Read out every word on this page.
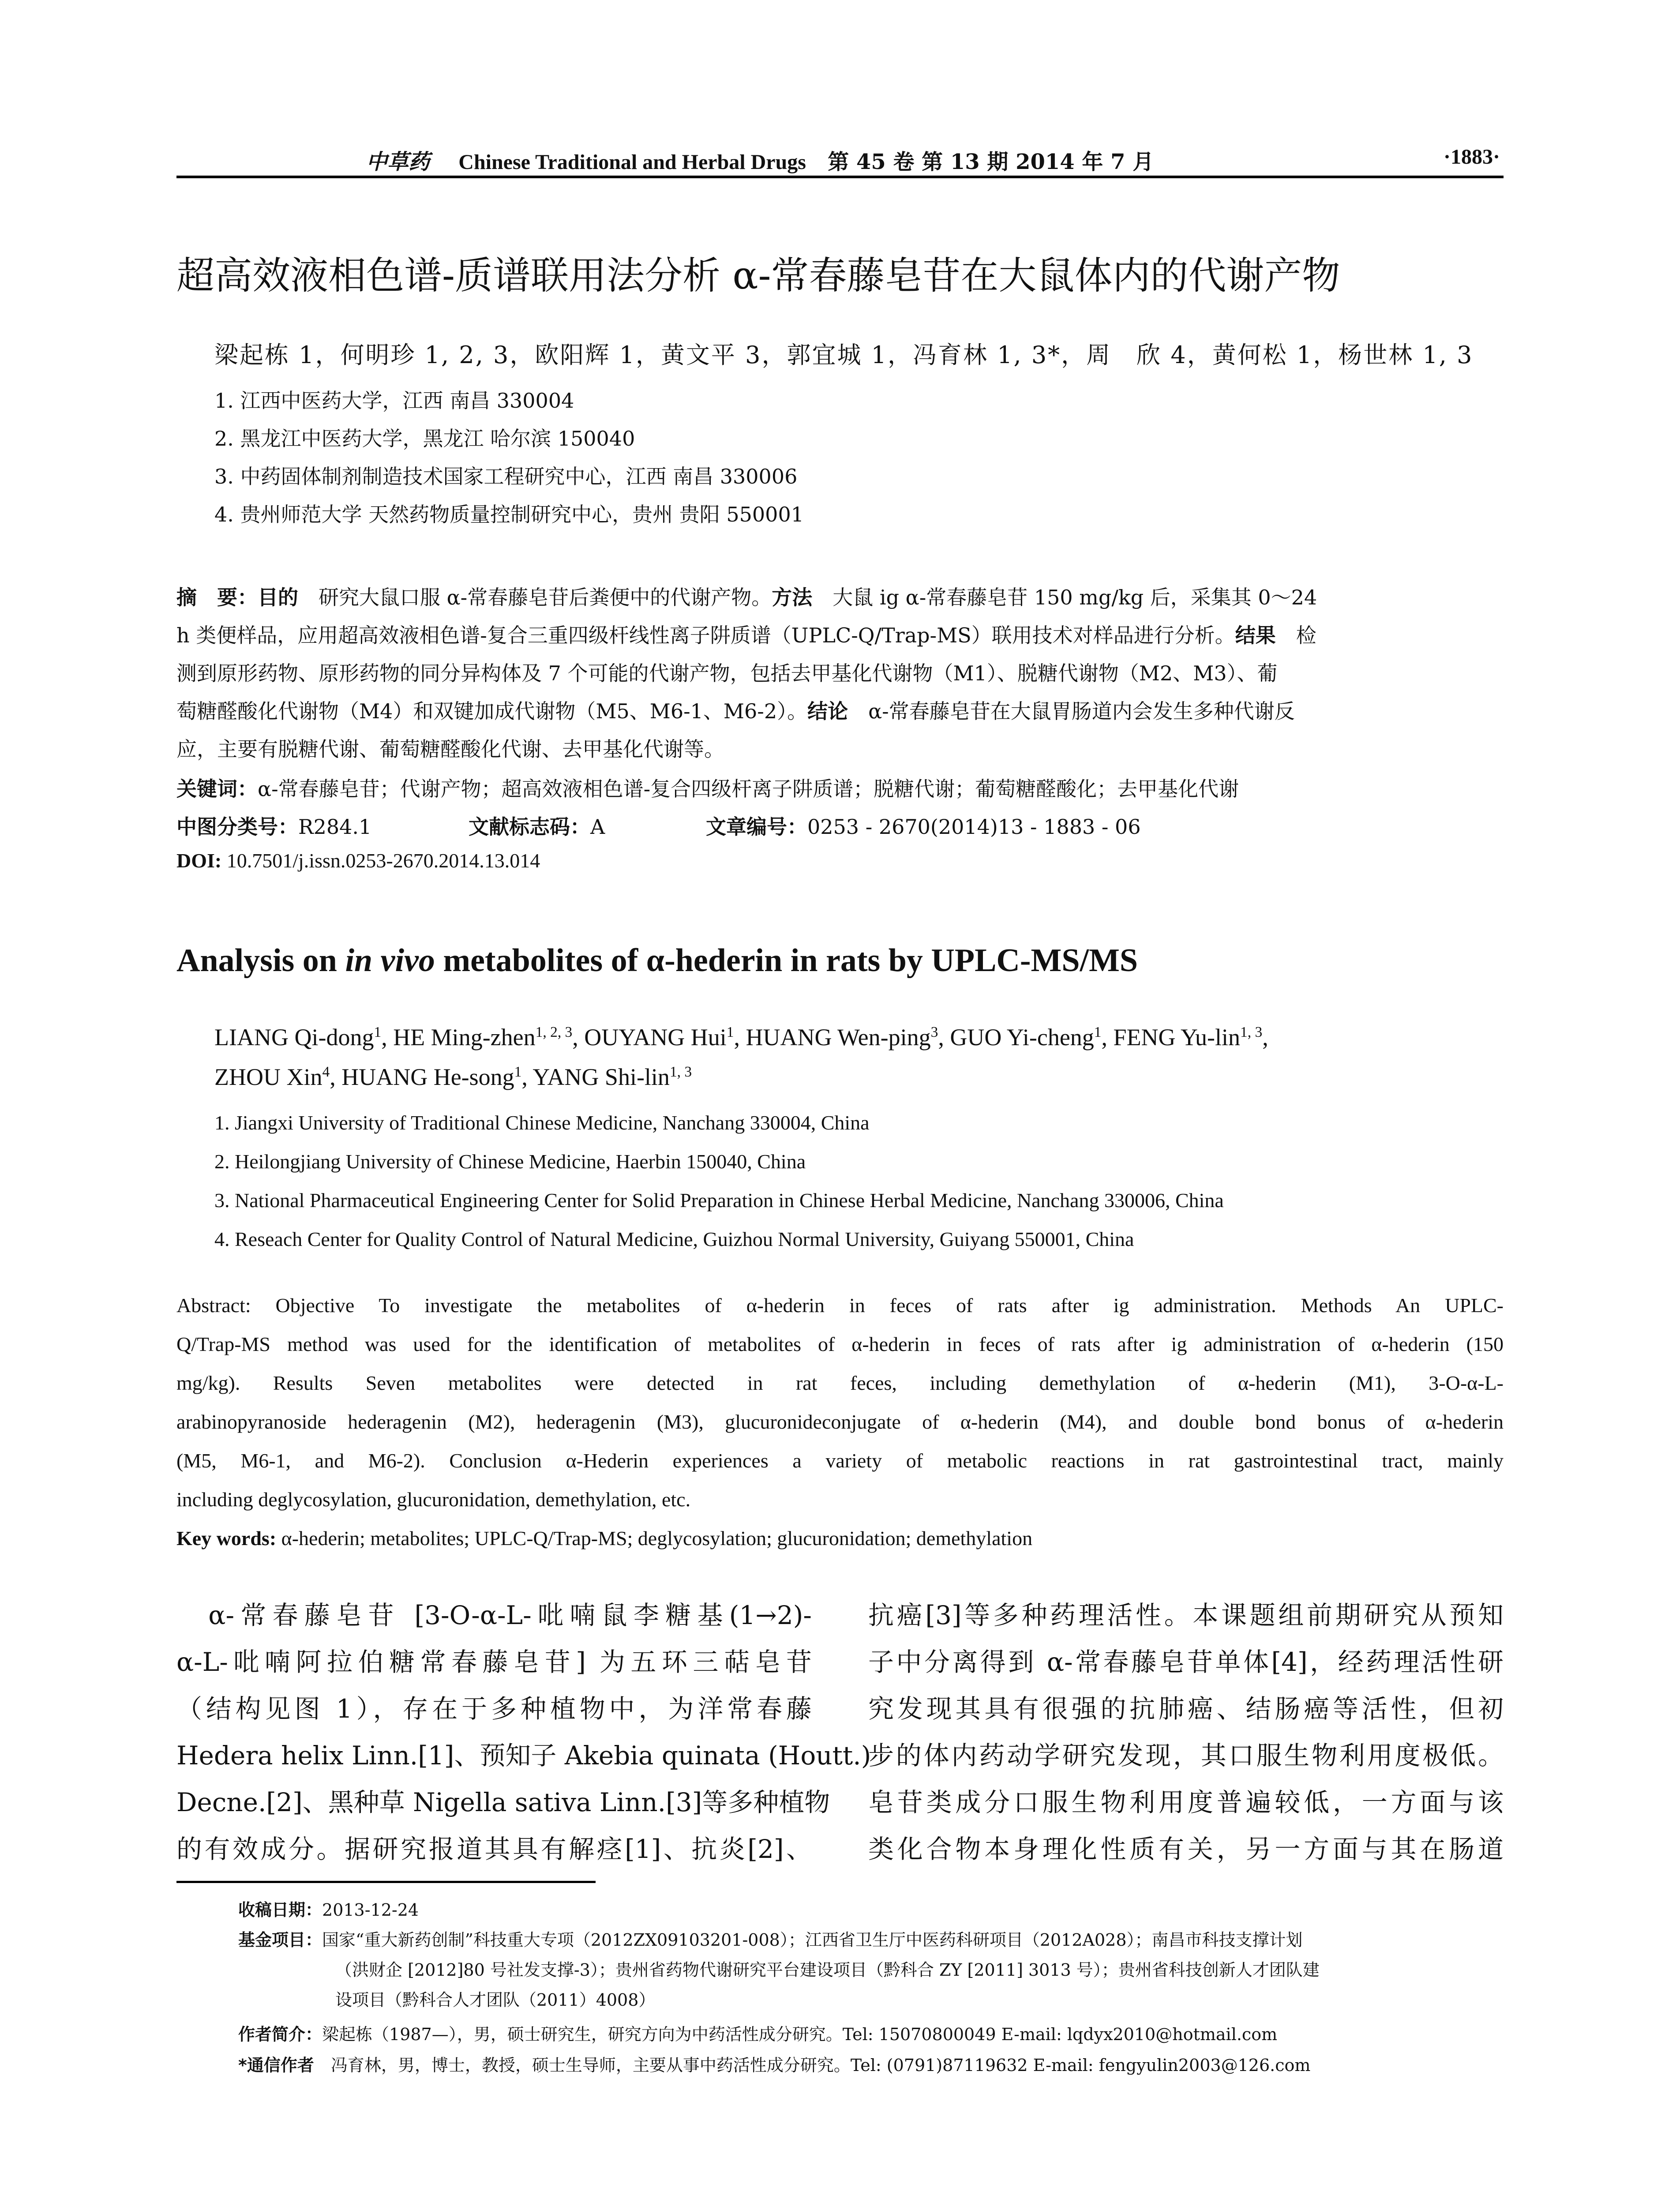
中草药 Chinese Traditional and Herbal Drugs 第 45 卷 第 13 期 2014 年 7 月	·1883·
超高效液相色谱-质谱联用法分析 α-常春藤皂苷在大鼠体内的代谢产物
梁起栋 1，何明珍 1, 2, 3，欧阳辉 1，黄文平 3，郭宜城 1，冯育林 1, 3*，周　欣 4，黄何松 1，杨世林 1, 3
1. 江西中医药大学，江西 南昌 330004
2. 黑龙江中医药大学，黑龙江 哈尔滨 150040
3. 中药固体制剂制造技术国家工程研究中心，江西 南昌 330006
4. 贵州师范大学 天然药物质量控制研究中心，贵州 贵阳 550001
摘　要：目的　研究大鼠口服 α-常春藤皂苷后粪便中的代谢产物。方法　大鼠 ig α-常春藤皂苷 150 mg/kg 后，采集其 0～24
h 类便样品，应用超高效液相色谱-复合三重四级杆线性离子阱质谱（UPLC-Q/Trap-MS）联用技术对样品进行分析。结果　检
测到原形药物、原形药物的同分异构体及 7 个可能的代谢产物，包括去甲基化代谢物（M1）、脱糖代谢物（M2、M3）、葡
萄糖醛酸化代谢物（M4）和双键加成代谢物（M5、M6-1、M6-2）。结论　α-常春藤皂苷在大鼠胃肠道内会发生多种代谢反
应，主要有脱糖代谢、葡萄糖醛酸化代谢、去甲基化代谢等。
关键词：α-常春藤皂苷；代谢产物；超高效液相色谱-复合四级杆离子阱质谱；脱糖代谢；葡萄糖醛酸化；去甲基化代谢
中图分类号：R284.1	文献标志码：A	文章编号：0253 - 2670(2014)13 - 1883 - 06
DOI: 10.7501/j.issn.0253-2670.2014.13.014
Analysis on in vivo metabolites of α-hederin in rats by UPLC-MS/MS
LIANG Qi-dong$^1$, HE Ming-zhen$^{1, 2, 3}$, OUYANG Hui$^1$, HUANG Wen-ping$^3$, GUO Yi-cheng$^1$, FENG Yu-lin$^{1, 3}$,
ZHOU Xin$^4$, HUANG He-song$^1$, YANG Shi-lin$^{1, 3}$
1. Jiangxi University of Traditional Chinese Medicine, Nanchang 330004, China
2. Heilongjiang University of Chinese Medicine, Haerbin 150040, China
3. National Pharmaceutical Engineering Center for Solid Preparation in Chinese Herbal Medicine, Nanchang 330006, China
4. Reseach Center for Quality Control of Natural Medicine, Guizhou Normal University, Guiyang 550001, China
Abstract: Objective To investigate the metabolites of α-hederin in feces of rats after ig administration. Methods An UPLC-
Q/Trap-MS method was used for the identification of metabolites of α-hederin in feces of rats after ig administration of α-hederin (150
mg/kg). Results Seven metabolites were detected in rat feces, including demethylation of α-hederin (M1), 3-O-α-L-
arabinopyranoside hederagenin (M2), hederagenin (M3), glucuronideconjugate of α-hederin (M4), and double bond bonus of α-hederin
(M5, M6-1, and M6-2). Conclusion α-Hederin experiences a variety of metabolic reactions in rat gastrointestinal tract, mainly
including deglycosylation, glucuronidation, demethylation, etc.
Key words: α-hederin; metabolites; UPLC-Q/Trap-MS; deglycosylation; glucuronidation; demethylation
　α-常春藤皂苷 [3-O-α-L-吡喃鼠李糖基(1→2)-
α-L-吡喃阿拉伯糖常春藤皂苷] 为五环三萜皂苷
（结构见图 1），存在于多种植物中，为洋常春藤
Hedera helix Linn.[1]、预知子 Akebia quinata (Houtt.)
Decne.[2]、黑种草 Nigella sativa Linn.[3]等多种植物
的有效成分。据研究报道其具有解痉[1]、抗炎[2]、
抗癌[3]等多种药理活性。本课题组前期研究从预知
子中分离得到 α-常春藤皂苷单体[4]，经药理活性研
究发现其具有很强的抗肺癌、结肠癌等活性，但初
步的体内药动学研究发现，其口服生物利用度极低。
皂苷类成分口服生物利用度普遍较低，一方面与该
类化合物本身理化性质有关，另一方面与其在肠道
收稿日期：2013-12-24
基金项目：国家“重大新药创制”科技重大专项（2012ZX09103201-008）；江西省卫生厅中医药科研项目（2012A028）；南昌市科技支撑计划
（洪财企 [2012]80 号社发支撑-3）；贵州省药物代谢研究平台建设项目（黔科合 ZY [2011] 3013 号）；贵州省科技创新人才团队建
设项目（黔科合人才团队（2011）4008）
作者简介：梁起栋（1987—），男，硕士研究生，研究方向为中药活性成分研究。Tel: 15070800049 E-mail: lqdyx2010@hotmail.com
*通信作者　冯育林，男，博士，教授，硕士生导师，主要从事中药活性成分研究。Tel: (0791)87119632 E-mail: fengyulin2003@126.com
